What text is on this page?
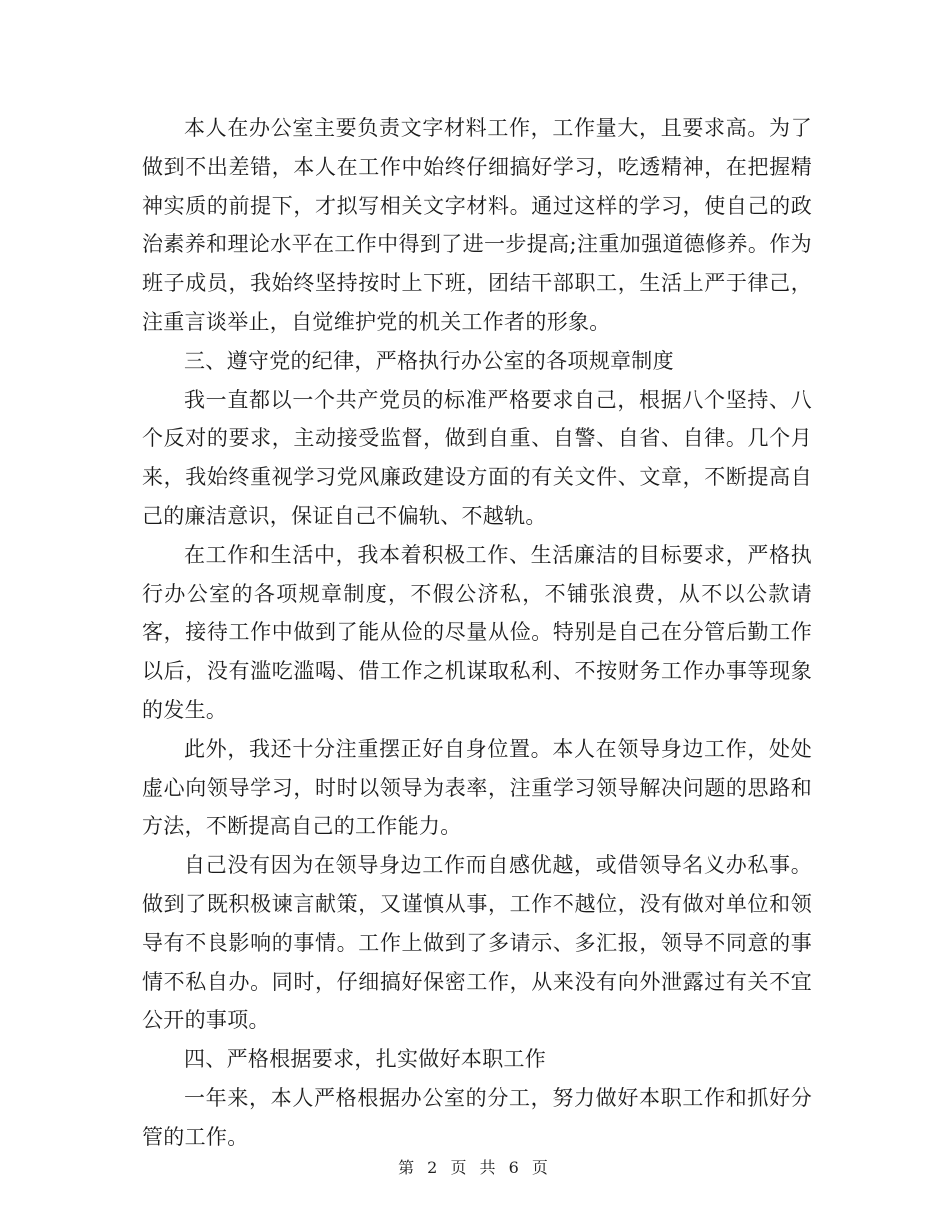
本人在办公室主要负责文字材料工作，工作量大，且要求高。为了做到不出差错，本人在工作中始终仔细搞好学习，吃透精神，在把握精神实质的前提下，才拟写相关文字材料。通过这样的学习，使自己的政治素养和理论水平在工作中得到了进一步提高;注重加强道德修养。作为班子成员，我始终坚持按时上下班，团结干部职工，生活上严于律己，注重言谈举止，自觉维护党的机关工作者的形象。

三、遵守党的纪律，严格执行办公室的各项规章制度

我一直都以一个共产党员的标准严格要求自己，根据八个坚持、八个反对的要求，主动接受监督，做到自重、自警、自省、自律。几个月来，我始终重视学习党风廉政建设方面的有关文件、文章，不断提高自己的廉洁意识，保证自己不偏轨、不越轨。

在工作和生活中，我本着积极工作、生活廉洁的目标要求，严格执行办公室的各项规章制度，不假公济私，不铺张浪费，从不以公款请客，接待工作中做到了能从俭的尽量从俭。特别是自己在分管后勤工作以后，没有滥吃滥喝、借工作之机谋取私利、不按财务工作办事等现象的发生。

此外，我还十分注重摆正好自身位置。本人在领导身边工作，处处虚心向领导学习，时时以领导为表率，注重学习领导解决问题的思路和方法，不断提高自己的工作能力。

自己没有因为在领导身边工作而自感优越，或借领导名义办私事。做到了既积极谏言献策，又谨慎从事，工作不越位，没有做对单位和领导有不良影响的事情。工作上做到了多请示、多汇报，领导不同意的事情不私自办。同时，仔细搞好保密工作，从来没有向外泄露过有关不宜公开的事项。

四、严格根据要求，扎实做好本职工作

一年来，本人严格根据办公室的分工，努力做好本职工作和抓好分管的工作。

第 2 页 共 6 页
